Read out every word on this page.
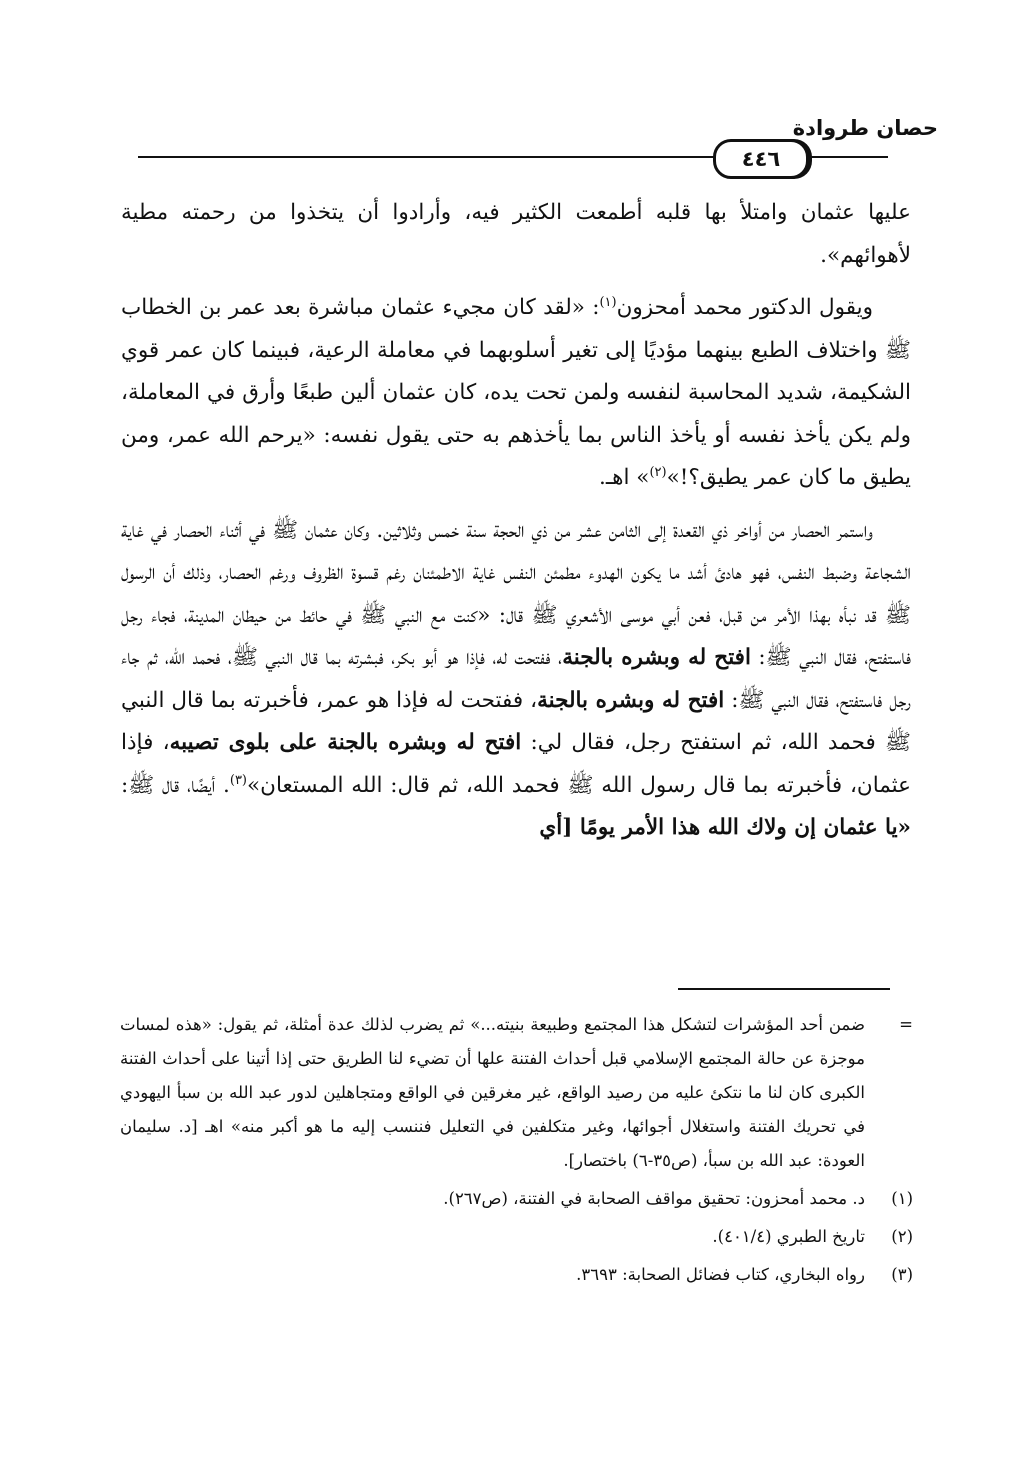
حصان طروادة
٤٤٦

عليها عثمان وامتلأ بها قلبه أطمعت الكثير فيه، وأرادوا أن يتخذوا من رحمته مطية لأهوائهم».

ويقول الدكتور محمد أمحزون$^{(١)}$: «لقد كان مجيء عثمان مباشرة بعد عمر بن الخطاب ﷺ واختلاف الطبع بينهما مؤديًا إلى تغير أسلوبهما في معاملة الرعية، فبينما كان عمر قوي الشكيمة، شديد المحاسبة لنفسه ولمن تحت يده، كان عثمان ألين طبعًا وأرق في المعاملة، ولم يكن يأخذ نفسه أو يأخذ الناس بما يأخذهم به حتى يقول نفسه: «يرحم الله عمر، ومن يطيق ما كان عمر يطيق؟!»$^{(٢)}$» اهـ.

واستمر الحصار من أواخر ذي القعدة إلى الثامن عشر من ذي الحجة سنة خمس وثلاثين. وكان عثمان ﷺ في أثناء الحصار في غاية الشجاعة وضبط النفس، فهو هادئ أشد ما يكون الهدوء مطمئن النفس غاية الاطمئنان رغم قسوة الظروف ورغم الحصار، وذلك أن الرسول ﷺ قد نبأه بهذا الأمر من قبل، فعن أبي موسى الأشعري ﷺ قال: «كنت مع النبي ﷺ في حائط من حيطان المدينة، فجاء رجل فاستفتح، فقال النبي ﷺ: افتح له وبشره بالجنة، ففتحت له، فإذا هو أبو بكر، فبشرته بما قال النبي ﷺ، فحمد الله، ثم جاء رجل فاستفتح، فقال النبي ﷺ: افتح له وبشره بالجنة، ففتحت له فإذا هو عمر، فأخبرته بما قال النبي ﷺ فحمد الله، ثم استفتح رجل، فقال لي: افتح له وبشره بالجنة على بلوى تصيبه، فإذا عثمان، فأخبرته بما قال رسول الله ﷺ فحمد الله، ثم قال: الله المستعان»$^{(٣)}$. أيضًا، قال ﷺ: «يا عثمان إن ولاك الله هذا الأمر يومًا [أي

=
ضمن أحد المؤشرات لتشكل هذا المجتمع وطبيعة بنيته...» ثم يضرب لذلك عدة أمثلة، ثم يقول: «هذه لمسات موجزة عن حالة المجتمع الإسلامي قبل أحداث الفتنة علها أن تضيء لنا الطريق حتى إذا أتينا على أحداث الفتنة الكبرى كان لنا ما نتكئ عليه من رصيد الواقع، غير مغرقين في الواقع ومتجاهلين لدور عبد الله بن سبأ اليهودي في تحريك الفتنة واستغلال أجوائها، وغير متكلفين في التعليل فننسب إليه ما هو أكبر منه» اهـ [د. سليمان العودة: عبد الله بن سبأ، (ص٣٥-٦) باختصار].
(١)
د. محمد أمحزون: تحقيق مواقف الصحابة في الفتنة، (ص٢٦٧).
(٢)
تاريخ الطبري (٤٠١/٤).
(٣)
رواه البخاري، كتاب فضائل الصحابة: ٣٦٩٣.
